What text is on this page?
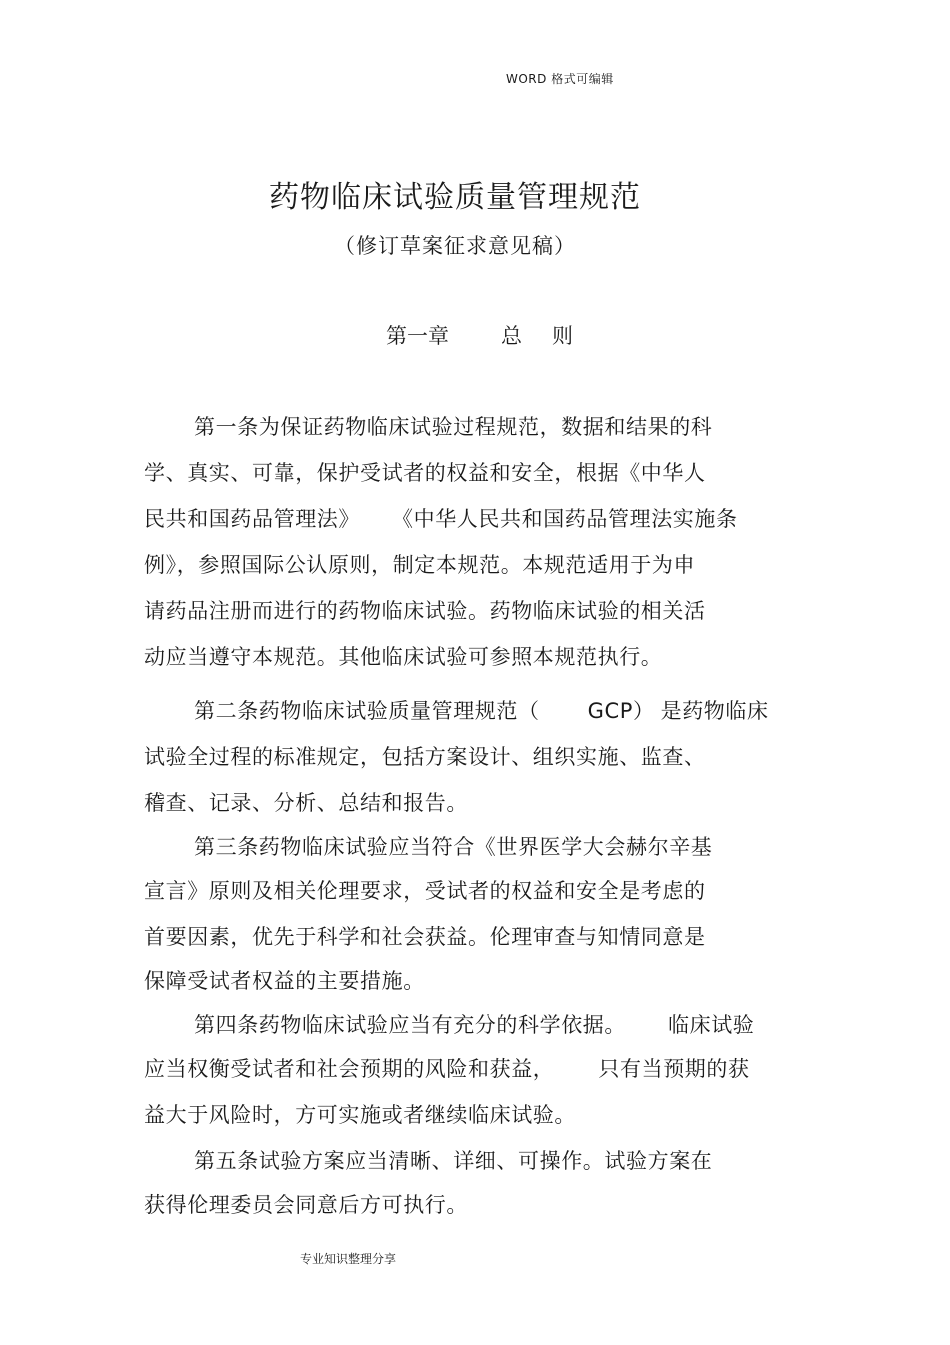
WORD 格式可编辑
药物临床试验质量管理规范
（修订草案征求意见稿）
第一章 总 则
第一条为保证药物临床试验过程规范，数据和结果的科
学、真实、可靠，保护受试者的权益和安全，根据《中华人
民共和国药品管理法》 《中华人民共和国药品管理法实施条
例》，参照国际公认原则，制定本规范。本规范适用于为申
请药品注册而进行的药物临床试验。药物临床试验的相关活
动应当遵守本规范。其他临床试验可参照本规范执行。
第二条药物临床试验质量管理规范（ GCP） 是药物临床
试验全过程的标准规定，包括方案设计、组织实施、监查、
稽查、记录、分析、总结和报告。
第三条药物临床试验应当符合《世界医学大会赫尔辛基
宣言》原则及相关伦理要求，受试者的权益和安全是考虑的
首要因素，优先于科学和社会获益。伦理审查与知情同意是
保障受试者权益的主要措施。
第四条药物临床试验应当有充分的科学依据。 临床试验
应当权衡受试者和社会预期的风险和获益， 只有当预期的获
益大于风险时，方可实施或者继续临床试验。
第五条试验方案应当清晰、详细、可操作。试验方案在
获得伦理委员会同意后方可执行。
专业知识整理分享
